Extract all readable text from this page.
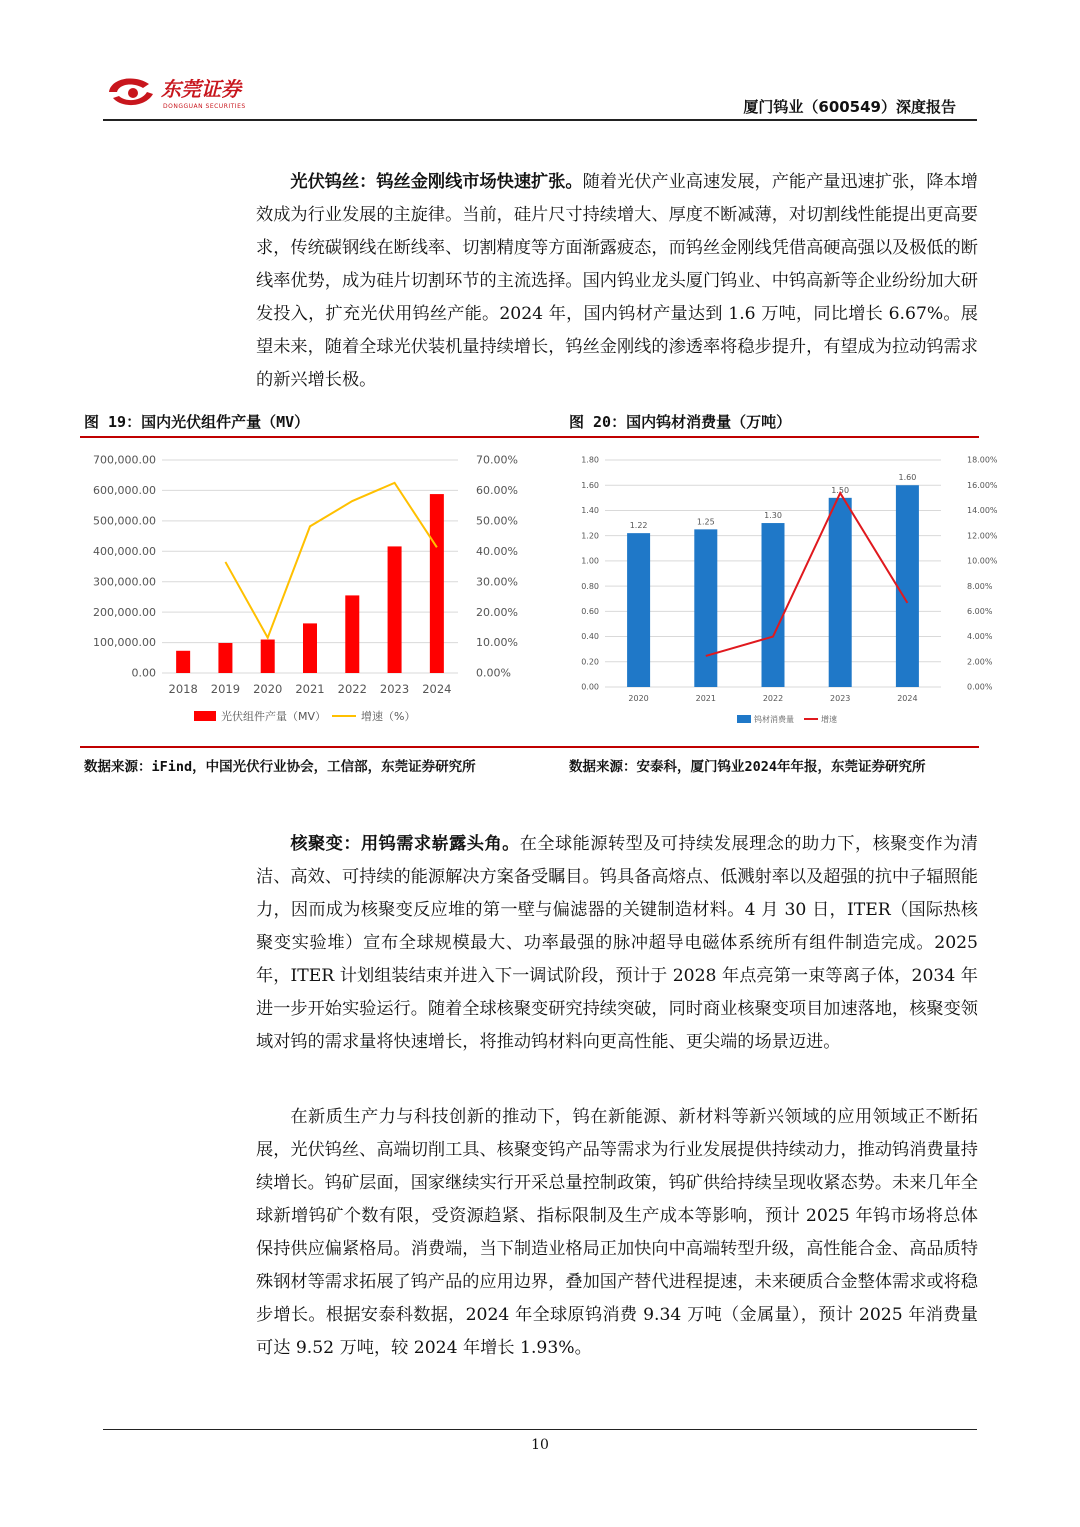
东莞证券
DONGGUAN SECURITIES	厦门钨业（600549）深度报告

光伏钨丝：钨丝金刚线市场快速扩张。随着光伏产业高速发展，产能产量迅速扩张，降本增效成为行业发展的主旋律。当前，硅片尺寸持续增大、厚度不断减薄，对切割线性能提出更高要求，传统碳钢线在断线率、切割精度等方面渐露疲态，而钨丝金刚线凭借高硬高强以及极低的断线率优势，成为硅片切割环节的主流选择。国内钨业龙头厦门钨业、中钨高新等企业纷纷加大研发投入，扩充光伏用钨丝产能。2024 年，国内钨材产量达到 1.6 万吨，同比增长 6.67%。展望未来，随着全球光伏装机量持续增长，钨丝金刚线的渗透率将稳步提升，有望成为拉动钨需求的新兴增长极。

图 19：国内光伏组件产量（MV）	图 20：国内钨材消费量（万吨）
0.00
100,000.00
200,000.00
300,000.00
400,000.00
500,000.00
600,000.00
700,000.00
0.00%
10.00%
20.00%
30.00%
40.00%
50.00%
60.00%
70.00%
2018 2019 2020 2021 2022 2023 2024
光伏组件产量（MV）	增速（%）
0.00
0.20
0.40
0.60
0.80
1.00
1.20
1.40
1.60
1.80
0.00%
2.00%
4.00%
6.00%
8.00%
10.00%
12.00%
14.00%
16.00%
18.00%
1.22	1.25
1.30
1.50
1.60
2020	2021	2022	2023	2024
钨材消费量	增速
数据来源：iFind，中国光伏行业协会，工信部，东莞证券研究所	数据来源：安泰科，厦门钨业2024年年报，东莞证券研究所

核聚变：用钨需求崭露头角。在全球能源转型及可持续发展理念的助力下，核聚变作为清洁、高效、可持续的能源解决方案备受瞩目。钨具备高熔点、低溅射率以及超强的抗中子辐照能力，因而成为核聚变反应堆的第一壁与偏滤器的关键制造材料。4 月 30 日，ITER（国际热核聚变实验堆）宣布全球规模最大、功率最强的脉冲超导电磁体系统所有组件制造完成。2025 年，ITER 计划组装结束并进入下一调试阶段，预计于 2028 年点亮第一束等离子体，2034 年进一步开始实验运行。随着全球核聚变研究持续突破，同时商业核聚变项目加速落地，核聚变领域对钨的需求量将快速增长，将推动钨材料向更高性能、更尖端的场景迈进。

在新质生产力与科技创新的推动下，钨在新能源、新材料等新兴领域的应用领域正不断拓展，光伏钨丝、高端切削工具、核聚变钨产品等需求为行业发展提供持续动力，推动钨消费量持续增长。钨矿层面，国家继续实行开采总量控制政策，钨矿供给持续呈现收紧态势。未来几年全球新增钨矿个数有限，受资源趋紧、指标限制及生产成本等影响，预计 2025 年钨市场将总体保持供应偏紧格局。消费端，当下制造业格局正加快向中高端转型升级，高性能合金、高品质特殊钢材等需求拓展了钨产品的应用边界，叠加国产替代进程提速，未来硬质合金整体需求或将稳步增长。根据安泰科数据，2024 年全球原钨消费 9.34 万吨（金属量），预计 2025 年消费量可达 9.52 万吨，较 2024 年增长 1.93%。

10
